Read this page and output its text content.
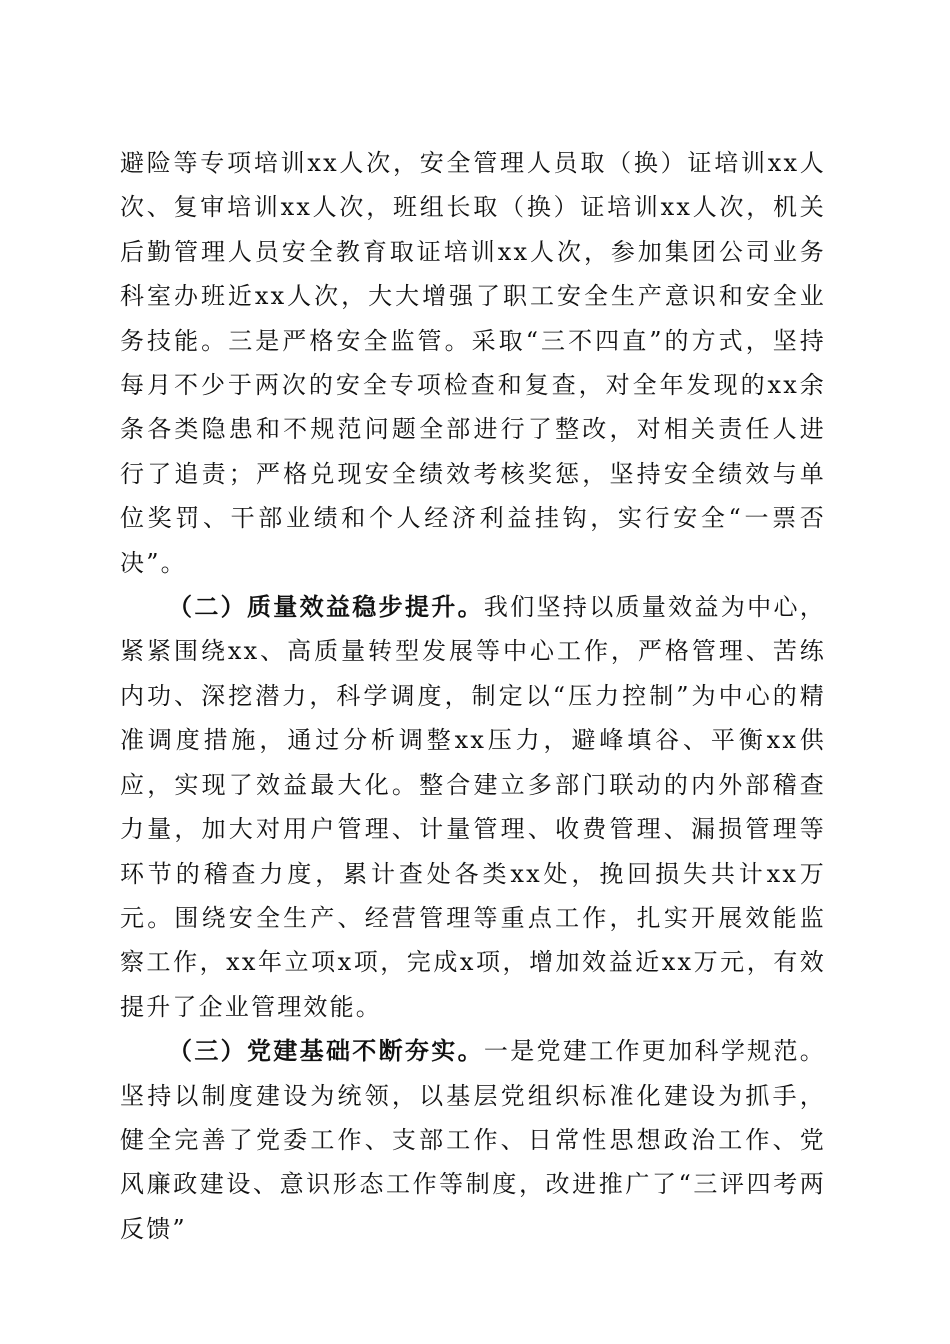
避险等专项培训xx人次，安全管理人员取（换）证培训xx人次、复审培训xx人次，班组长取（换）证培训xx人次，机关后勤管理人员安全教育取证培训xx人次，参加集团公司业务科室办班近xx人次，大大增强了职工安全生产意识和安全业务技能。三是严格安全监管。采取“三不四直”的方式，坚持每月不少于两次的安全专项检查和复查，对全年发现的xx余条各类隐患和不规范问题全部进行了整改，对相关责任人进行了追责；严格兑现安全绩效考核奖惩，坚持安全绩效与单位奖罚、干部业绩和个人经济利益挂钩，实行安全“一票否决”。

（二）质量效益稳步提升。我们坚持以质量效益为中心，紧紧围绕xx、高质量转型发展等中心工作，严格管理、苦练内功、深挖潜力，科学调度，制定以“压力控制”为中心的精准调度措施，通过分析调整xx压力，避峰填谷、平衡xx供应，实现了效益最大化。整合建立多部门联动的内外部稽查力量，加大对用户管理、计量管理、收费管理、漏损管理等环节的稽查力度，累计查处各类xx处，挽回损失共计xx万元。围绕安全生产、经营管理等重点工作，扎实开展效能监察工作，xx年立项x项，完成x项，增加效益近xx万元，有效提升了企业管理效能。

（三）党建基础不断夯实。一是党建工作更加科学规范。坚持以制度建设为统领，以基层党组织标准化建设为抓手，健全完善了党委工作、支部工作、日常性思想政治工作、党风廉政建设、意识形态工作等制度，改进推广了“三评四考两反馈”
